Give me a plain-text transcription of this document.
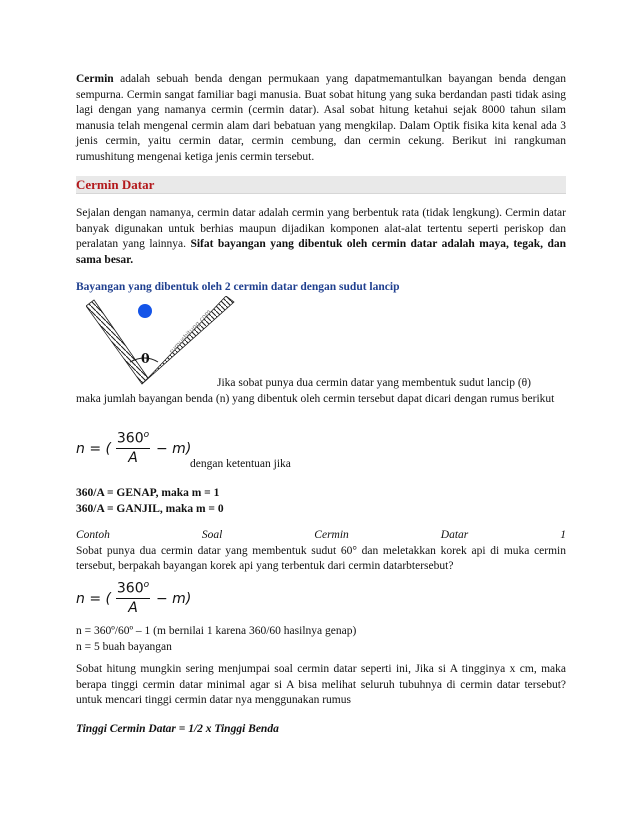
Cermin adalah sebuah benda dengan permukaan yang dapatmemantulkan bayangan benda dengan sempurna. Cermin sangat familiar bagi manusia. Buat sobat hitung yang suka berdandan pasti tidak asing lagi dengan yang namanya cermin (cermin datar). Asal sobat hitung ketahui sejak 8000 tahun silam manusia telah mengenal cermin alam dari bebatuan yang mengkilap. Dalam Optik fisika kita kenal ada 3 jenis cermin, yaitu cermin datar, cermin cembung, dan cermin cekung. Berikut ini rangkuman rumushitung mengenai ketiga jenis cermin tersebut.
Cermin Datar
Sejalan dengan namanya, cermin datar adalah cermin yang berbentuk rata (tidak lengkung). Cermin datar banyak digunakan untuk berhias maupun dijadikan komponen alat-alat tertentu seperti periskop dan peralatan yang lainnya. Sifat bayangan yang dibentuk oleh cermin datar adalah maya, tegak, dan sama besar.
Bayangan yang dibentuk oleh 2 cermin datar dengan sudut lancip
θ
rumushitung.com
Jika sobat punya dua cermin datar yang membentuk sudut lancip (θ)
maka jumlah bayangan benda (n) yang dibentuk oleh cermin tersebut dapat dicari dengan rumus berikut
n = (
360$^o$
A
− m)
dengan ketentuan jika
360/A = GENAP, maka m = 1
360/A = GANJIL, maka m = 0
Contoh	Soal	Cermin	Datar	1
Sobat punya dua cermin datar yang membentuk sudut 60° dan meletakkan korek api di muka cermin tersebut, berpakah bayangan korek api yang terbentuk dari cermin datarbtersebut?
n = (
360$^o$
A
− m)
n = 360º/60º – 1 (m bernilai 1 karena 360/60 hasilnya genap)
n = 5 buah bayangan
Sobat hitung mungkin sering menjumpai soal cermin datar seperti ini, Jika si A tingginya x cm, maka berapa tinggi cermin datar minimal agar si A bisa melihat seluruh tubuhnya di cermin datar tersebut? untuk mencari tinggi cermin datar nya menggunakan rumus
Tinggi Cermin Datar = 1/2 x Tinggi Benda
